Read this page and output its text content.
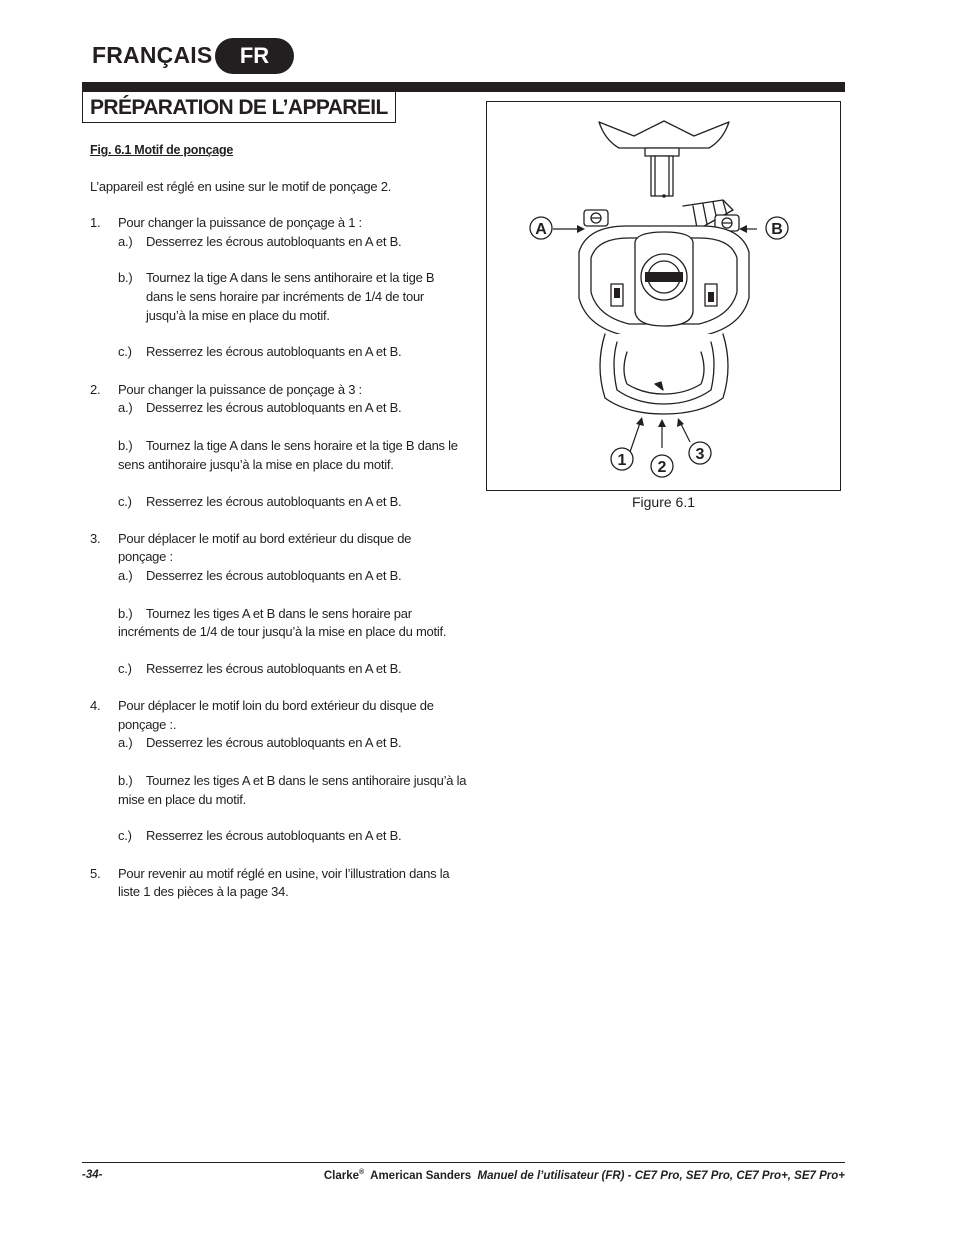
FRANÇAIS	FR
PRÉPARATION DE L’APPAREIL

Fig. 6.1 Motif de ponçage

L’appareil est réglé en usine sur le motif de ponçage 2.

1. Pour changer la puissance de ponçage à 1 :

a.) Desserrez les écrous autobloquants en A et B.

b.) Tournez la tige A dans le sens antihoraire et la tige B dans le sens horaire par incréments de 1/4 de tour jusqu’à la mise en place du motif.

c.) Resserrez les écrous autobloquants en A et B.

2. Pour changer la puissance de ponçage à 3 :

a.) Desserrez les écrous autobloquants en A et B.

b.) Tournez la tige A dans le sens horaire et la tige B dans le sens antihoraire jusqu’à la mise en place du motif.

c.) Resserrez les écrous autobloquants en A et B.

3. Pour déplacer le motif au bord extérieur du disque de ponçage :

a.) Desserrez les écrous autobloquants en A et B.

b.) Tournez les tiges A et B dans le sens horaire par incréments de 1/4 de tour jusqu’à la mise en place du motif.

c.) Resserrez les écrous autobloquants en A et B.

4. Pour déplacer le motif loin du bord extérieur du disque de ponçage :.

a.) Desserrez les écrous autobloquants en A et B.

b.) Tournez les tiges A et B dans le sens antihoraire jusqu’à la mise en place du motif.

c.) Resserrez les écrous autobloquants en A et B.

5. Pour revenir au motif réglé en usine, voir l’illustration dans la liste 1 des pièces à la page 34.

A	B
1 2
3
Figure 6.1
-34-	Clarke® American Sanders Manuel de l’utilisateur (FR) - CE7 Pro, SE7 Pro, CE7 Pro+, SE7 Pro+
